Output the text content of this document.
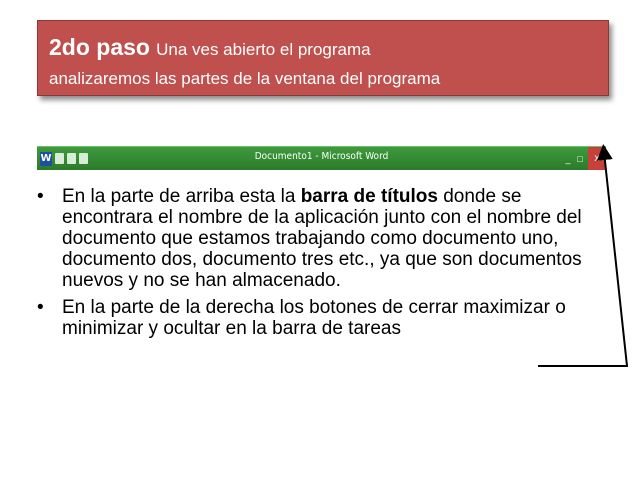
2do paso Una ves abierto el programa
analizaremos las partes de la ventana del programa
W	Documento1 - Microsoft Word	_ □	x
• En la parte de arriba esta la barra de títulos donde se encontrara el nombre de la aplicación junto con el nombre del documento que estamos trabajando como documento uno, documento dos, documento tres etc., ya que son documentos nuevos y no se han almacenado.
• En la parte de la derecha los botones de cerrar maximizar o minimizar y ocultar en la barra de tareas
